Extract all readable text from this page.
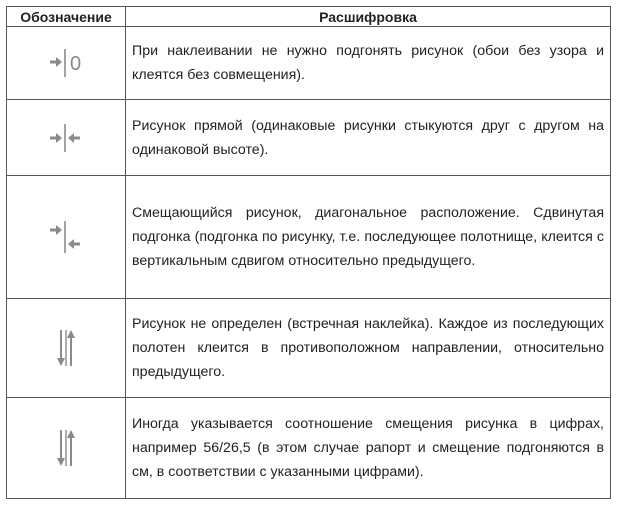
Обозначение	Расшифровка

0	При наклеивании не нужно подгонять рисунок (обои без узора и клеятся без совмещения).

	Рисунок прямой (одинаковые рисунки стыкуются друг с другом на одинаковой высоте).

	Смещающийся рисунок, диагональное расположение. Сдвинутая подгонка (подгонка по рисунку, т.е. последующее полотнище, клеится с вертикальным сдвигом относительно предыдущего.

	Рисунок не определен (встречная наклейка). Каждое из последующих полотен клеится в противоположном направлении, относительно предыдущего.

	Иногда указывается соотношение смещения рисунка в цифрах, например 56/26,5 (в этом случае рапорт и смещение подгоняются в см, в соответствии с указанными цифрами).
